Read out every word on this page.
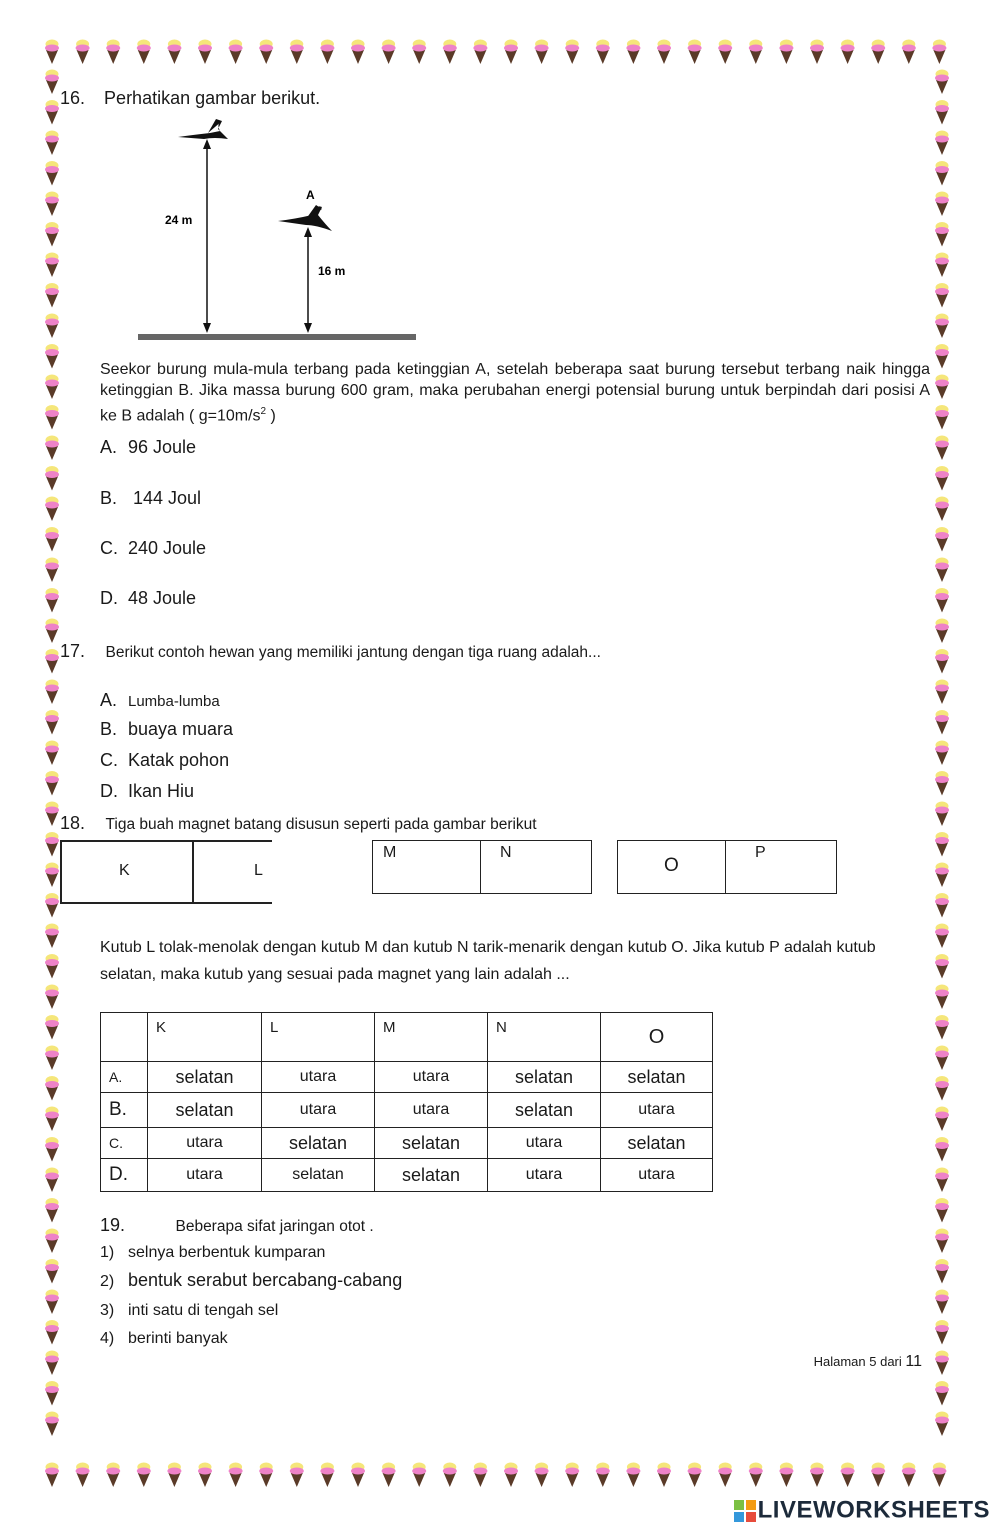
16. Perhatikan gambar berikut.
24 m
16 m
A
Seekor burung mula-mula terbang pada ketinggian A, setelah beberapa saat burung tersebut terbang naik hingga ketinggian B. Jika massa burung 600 gram, maka perubahan energi potensial burung untuk berpindah dari posisi A ke B adalah ( $g=10m/s^2$ )
A. 96 Joule
B. 144 Joul
C. 240 Joule
D. 48 Joule
17. Berikut contoh hewan yang memiliki jantung dengan tiga ruang adalah...
A. Lumba-lumba
B. buaya muara
C. Katak pohon
D. Ikan Hiu
18. Tiga buah magnet batang disusun seperti pada gambar berikut
K	L
M	N
O
P
Kutub L tolak-menolak dengan kutub M dan kutub N tarik-menarik dengan kutub O. Jika kutub P adalah kutub selatan, maka kutub yang sesuai pada magnet yang lain adalah ...
	K	L	M	N	O
A.	selatan	utara	utara	selatan	selatan
B.	selatan	utara	utara	selatan	utara
C.	utara	selatan	selatan	utara	selatan
D.	utara	selatan	selatan	utara	utara
19.	Beberapa sifat jaringan otot .
1) selnya berbentuk kumparan
2) bentuk serabut bercabang-cabang
3) inti satu di tengah sel
4) berinti banyak
Halaman 5 dari 11
LIVEWORKSHEETS
